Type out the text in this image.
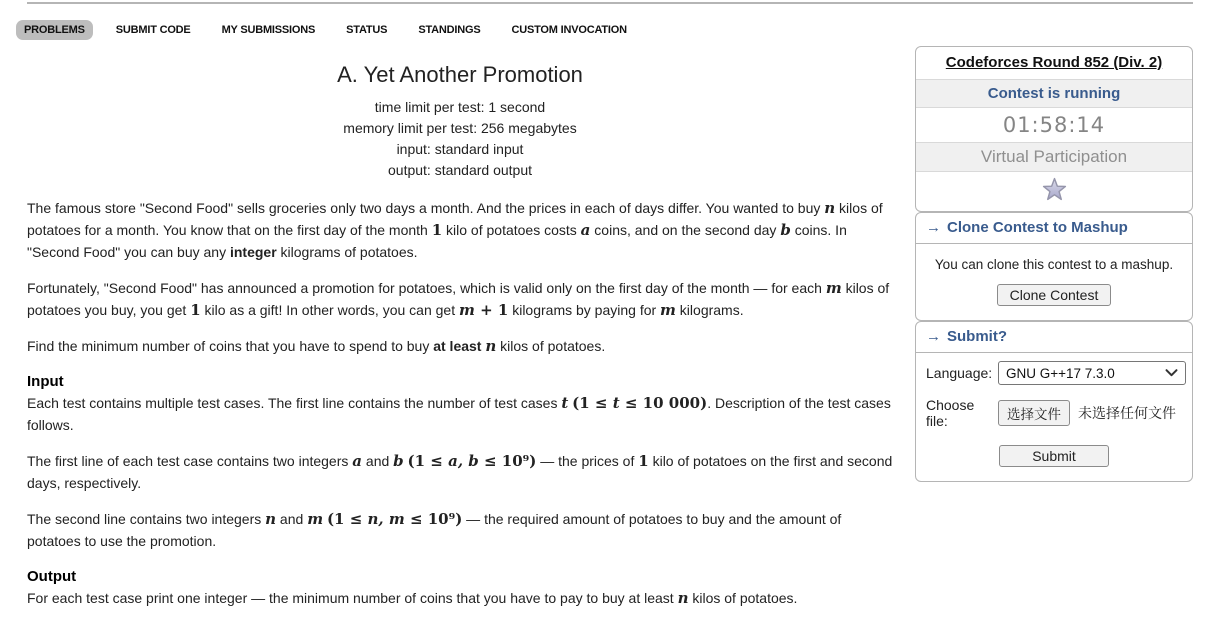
PROBLEMS	SUBMIT CODE	MY SUBMISSIONS	STATUS	STANDINGS	CUSTOM INVOCATION
A. Yet Another Promotion
time limit per test: 1 second
memory limit per test: 256 megabytes
input: standard input
output: standard output

The famous store "Second Food" sells groceries only two days a month. And the prices in each of days differ. You wanted to buy n kilos of potatoes for a month. You know that on the first day of the month 1 kilo of potatoes costs a coins, and on the second day b coins. In "Second Food" you can buy any integer kilograms of potatoes.

Fortunately, "Second Food" has announced a promotion for potatoes, which is valid only on the first day of the month — for each m kilos of potatoes you buy, you get 1 kilo as a gift! In other words, you can get m + 1 kilograms by paying for m kilograms.

Find the minimum number of coins that you have to spend to buy at least n kilos of potatoes.

Input

Each test contains multiple test cases. The first line contains the number of test cases t (1 ≤ t ≤ 10 000). Description of the test cases follows.

The first line of each test case contains two integers a and b (1 ≤ a, b ≤ 10⁹) — the prices of 1 kilo of potatoes on the first and second days, respectively.

The second line contains two integers n and m (1 ≤ n, m ≤ 10⁹) — the required amount of potatoes to buy and the amount of potatoes to use the promotion.

Output

For each test case print one integer — the minimum number of coins that you have to pay to buy at least n kilos of potatoes.

Codeforces Round 852 (Div. 2)
Contest is running
01:58:14
Virtual Participation
→ Clone Contest to Mashup
You can clone this contest to a mashup.
Clone Contest
→ Submit?
Language:	GNU G++17 7.3.0
Choose file:	选择文件	未选择任何文件
Submit
